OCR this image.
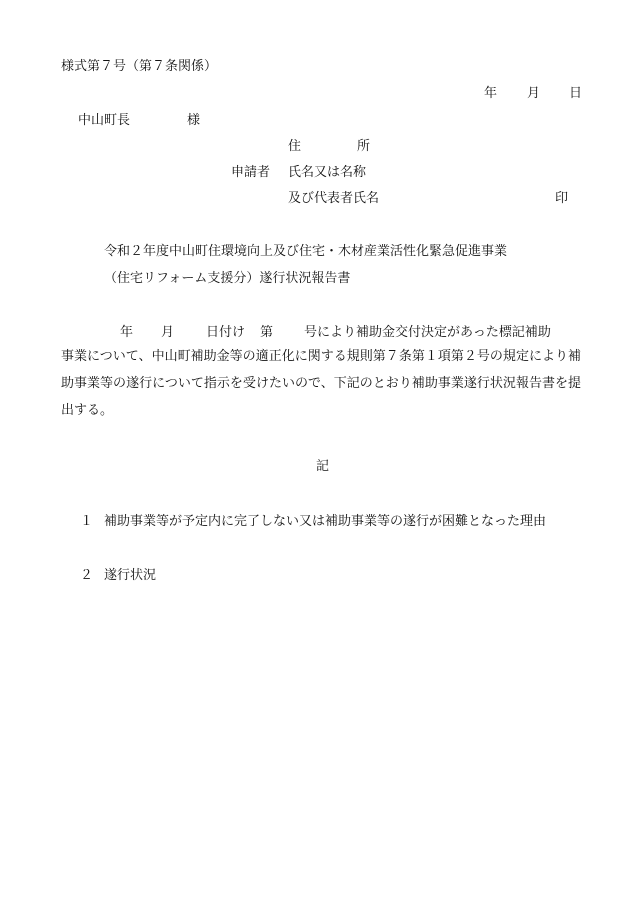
様式第７号（第７条関係）
年 月 日
中山町長	様
住	所
申請者 氏名又は名称
及び代表者氏名	印
令和２年度中山町住環境向上及び住宅・木材産業活性化緊急促進事業
（住宅リフォーム支援分）遂行状況報告書
年 月 日付け 第 号により補助金交付決定があった標記補助
事業について、中山町補助金等の適正化に関する規則第７条第１項第２号の規定により補助事業等の遂行について指示を受けたいので、下記のとおり補助事業遂行状況報告書を提出する。
記
１ 補助事業等が予定内に完了しない又は補助事業等の遂行が困難となった理由
２ 遂行状況
